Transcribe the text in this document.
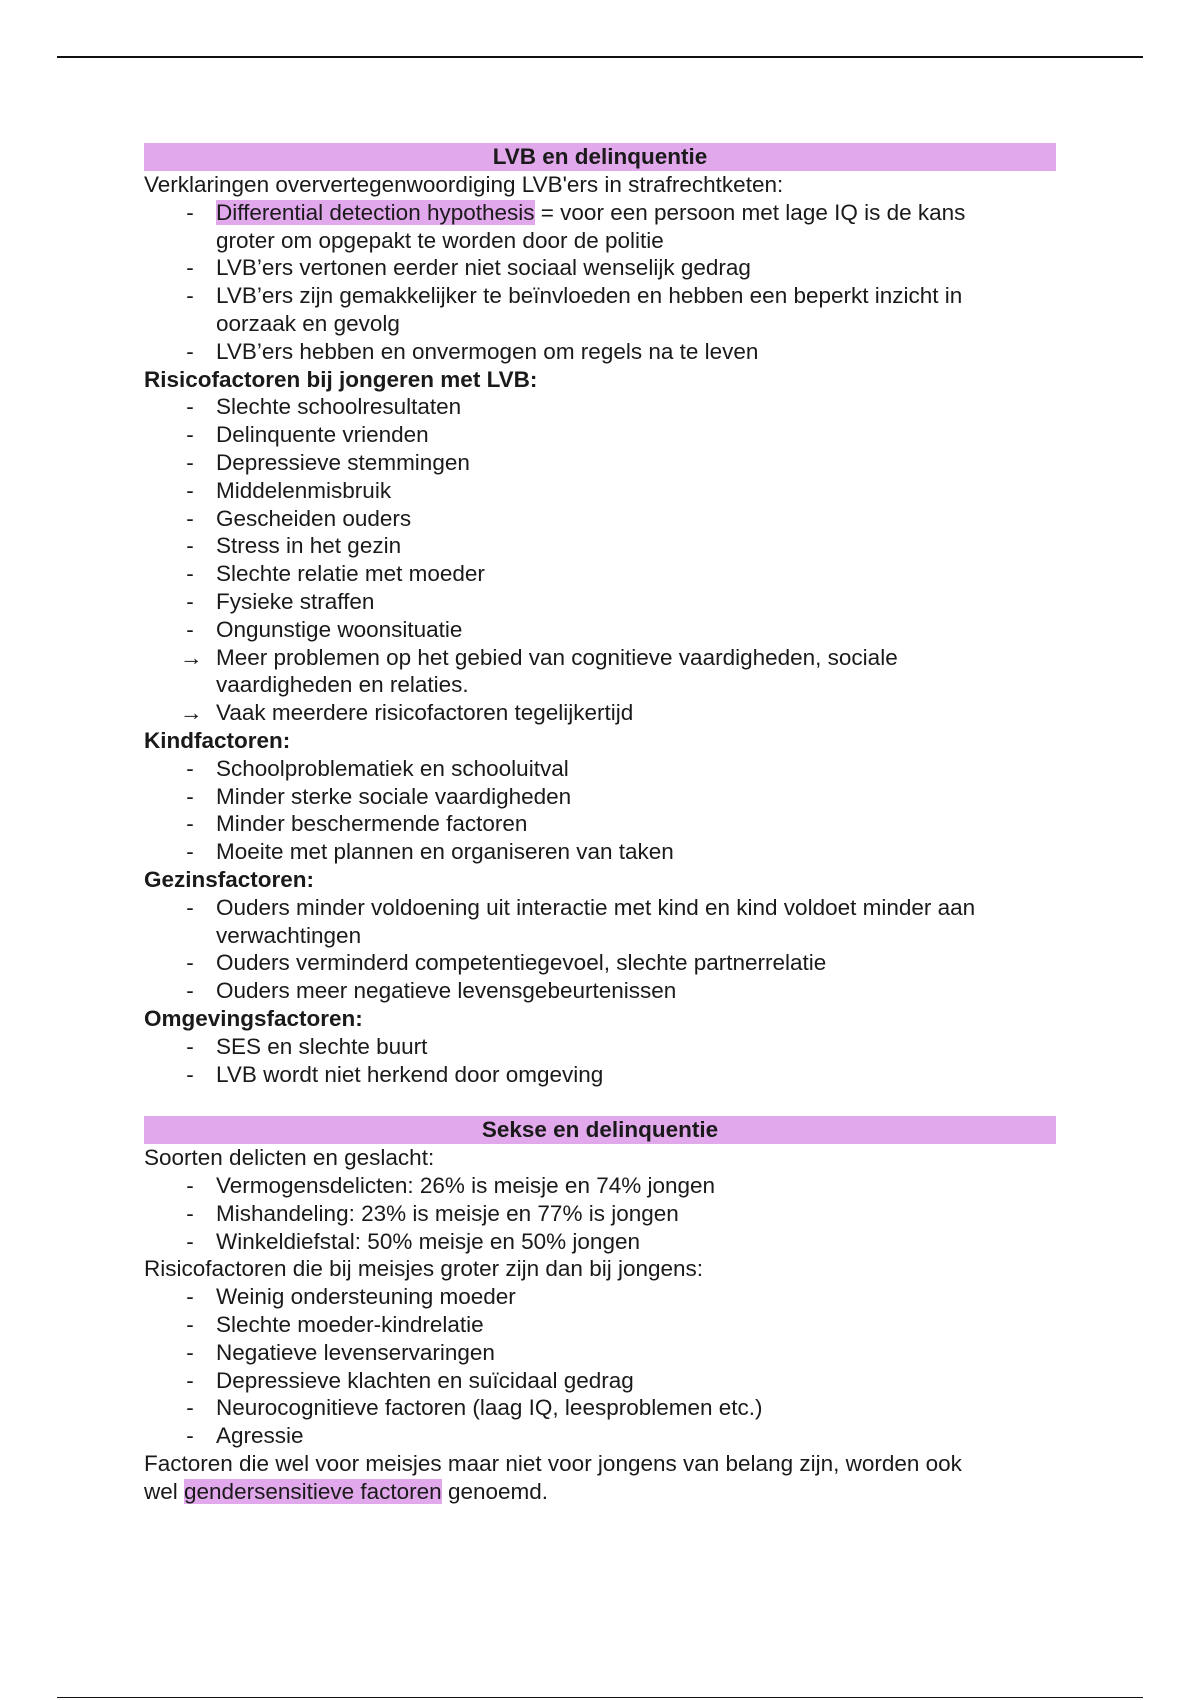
LVB en delinquentie
Verklaringen oververtegenwoordiging LVB'ers in strafrechtketen:
- Differential detection hypothesis = voor een persoon met lage IQ is de kans
groter om opgepakt te worden door de politie
- LVB’ers vertonen eerder niet sociaal wenselijk gedrag
- LVB’ers zijn gemakkelijker te beïnvloeden en hebben een beperkt inzicht in
oorzaak en gevolg
- LVB’ers hebben en onvermogen om regels na te leven
Risicofactoren bij jongeren met LVB:
- Slechte schoolresultaten
- Delinquente vrienden
- Depressieve stemmingen
- Middelenmisbruik
- Gescheiden ouders
- Stress in het gezin
- Slechte relatie met moeder
- Fysieke straffen
- Ongunstige woonsituatie
→ Meer problemen op het gebied van cognitieve vaardigheden, sociale
vaardigheden en relaties.
→ Vaak meerdere risicofactoren tegelijkertijd
Kindfactoren:
- Schoolproblematiek en schooluitval
- Minder sterke sociale vaardigheden
- Minder beschermende factoren
- Moeite met plannen en organiseren van taken
Gezinsfactoren:
- Ouders minder voldoening uit interactie met kind en kind voldoet minder aan
verwachtingen
- Ouders verminderd competentiegevoel, slechte partnerrelatie
- Ouders meer negatieve levensgebeurtenissen
Omgevingsfactoren:
- SES en slechte buurt
- LVB wordt niet herkend door omgeving
Sekse en delinquentie
Soorten delicten en geslacht:
- Vermogensdelicten: 26% is meisje en 74% jongen
- Mishandeling: 23% is meisje en 77% is jongen
- Winkeldiefstal: 50% meisje en 50% jongen
Risicofactoren die bij meisjes groter zijn dan bij jongens:
- Weinig ondersteuning moeder
- Slechte moeder-kindrelatie
- Negatieve levenservaringen
- Depressieve klachten en suïcidaal gedrag
- Neurocognitieve factoren (laag IQ, leesproblemen etc.)
- Agressie
Factoren die wel voor meisjes maar niet voor jongens van belang zijn, worden ook
wel gendersensitieve factoren genoemd.
